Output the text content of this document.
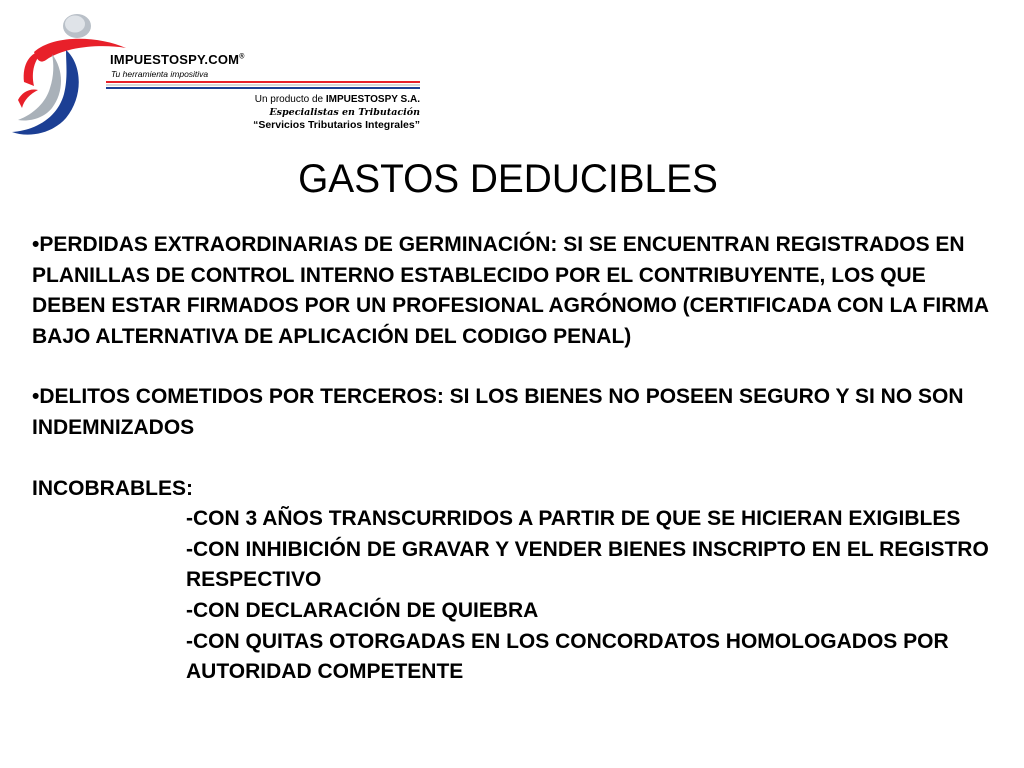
IMPUESTOSPY.COM®
Tu herramienta impositiva
Un producto de IMPUESTOSPY S.A.
Especialistas en Tributación
“Servicios Tributarios Integrales”
GASTOS DEDUCIBLES

•PERDIDAS EXTRAORDINARIAS DE GERMINACIÓN: SI SE ENCUENTRAN REGISTRADOS EN PLANILLAS DE CONTROL INTERNO ESTABLECIDO POR EL CONTRIBUYENTE, LOS QUE DEBEN ESTAR FIRMADOS POR UN PROFESIONAL AGRÓNOMO (CERTIFICADA CON LA FIRMA BAJO ALTERNATIVA DE APLICACIÓN DEL CODIGO PENAL)

•DELITOS COMETIDOS POR TERCEROS: SI LOS BIENES NO POSEEN SEGURO Y SI NO SON INDEMNIZADOS

INCOBRABLES:

-CON 3 AÑOS TRANSCURRIDOS A PARTIR DE QUE SE HICIERAN EXIGIBLES

-CON INHIBICIÓN DE GRAVAR Y VENDER BIENES INSCRIPTO EN EL REGISTRO RESPECTIVO

-CON DECLARACIÓN DE QUIEBRA

-CON QUITAS OTORGADAS EN LOS CONCORDATOS HOMOLOGADOS POR AUTORIDAD COMPETENTE
